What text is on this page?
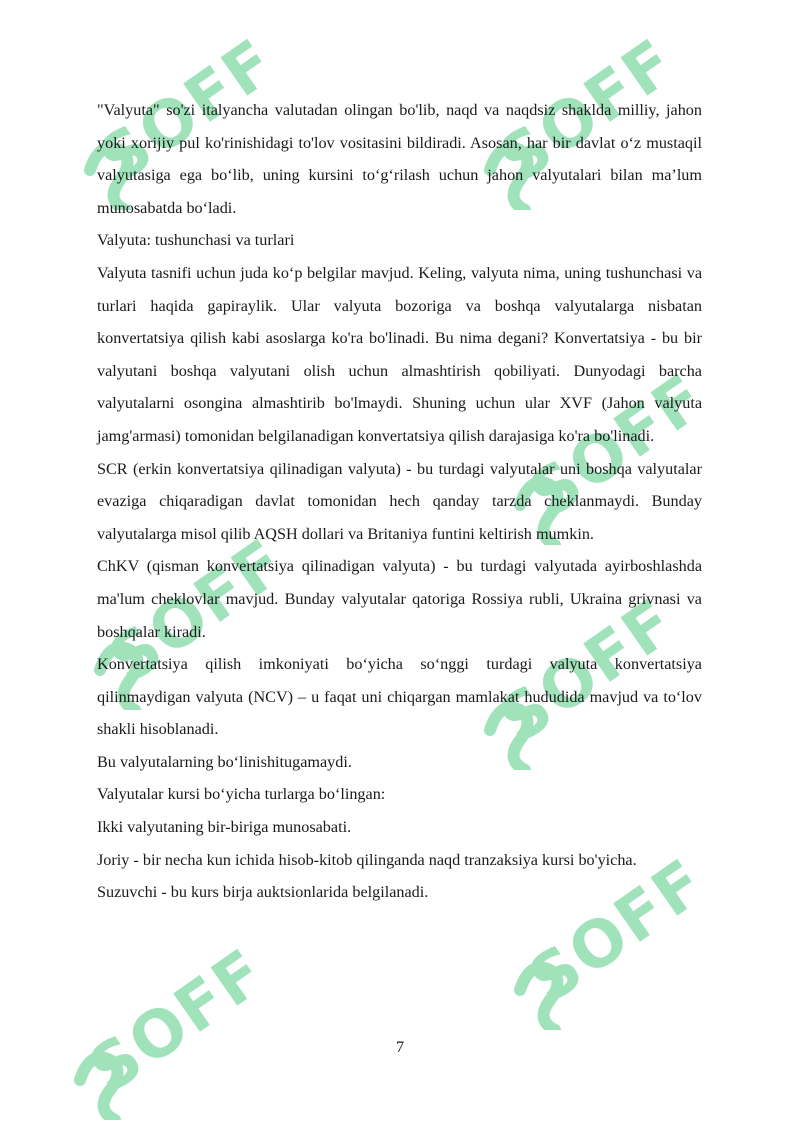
"Valyuta" so'zi italyancha valutadan olingan bo'lib, naqd va naqdsiz shaklda milliy, jahon yoki xorijiy pul ko'rinishidagi to'lov vositasini bildiradi. Asosan, har bir davlat o‘z mustaqil valyutasiga ega bo‘lib, uning kursini to‘g‘rilash uchun jahon valyutalari bilan ma’lum munosabatda bo‘ladi.

Valyuta: tushunchasi va turlari

Valyuta tasnifi uchun juda ko‘p belgilar mavjud. Keling, valyuta nima, uning tushunchasi va turlari haqida gapiraylik. Ular valyuta bozoriga va boshqa valyutalarga nisbatan konvertatsiya qilish kabi asoslarga ko'ra bo'linadi. Bu nima degani? Konvertatsiya - bu bir valyutani boshqa valyutani olish uchun almashtirish qobiliyati. Dunyodagi barcha valyutalarni osongina almashtirib bo'lmaydi. Shuning uchun ular XVF (Jahon valyuta jamg'armasi) tomonidan belgilanadigan konvertatsiya qilish darajasiga ko'ra bo'linadi.

SCR (erkin konvertatsiya qilinadigan valyuta) - bu turdagi valyutalar uni boshqa valyutalar evaziga chiqaradigan davlat tomonidan hech qanday tarzda cheklanmaydi. Bunday valyutalarga misol qilib AQSH dollari va Britaniya funtini keltirish mumkin.

ChKV (qisman konvertatsiya qilinadigan valyuta) - bu turdagi valyutada ayirboshlashda ma'lum cheklovlar mavjud. Bunday valyutalar qatoriga Rossiya rubli, Ukraina grivnasi va boshqalar kiradi.

Konvertatsiya qilish imkoniyati bo‘yicha so‘nggi turdagi valyuta konvertatsiya qilinmaydigan valyuta (NCV) – u faqat uni chiqargan mamlakat hududida mavjud va to‘lov shakli hisoblanadi.

Bu valyutalarning bo‘linishitugamaydi.

Valyutalar kursi bo‘yicha turlarga bo‘lingan:

Ikki valyutaning bir-biriga munosabati.

Joriy - bir necha kun ichida hisob-kitob qilinganda naqd tranzaksiya kursi bo'yicha.

Suzuvchi - bu kurs birja auktsionlarida belgilanadi.

7
